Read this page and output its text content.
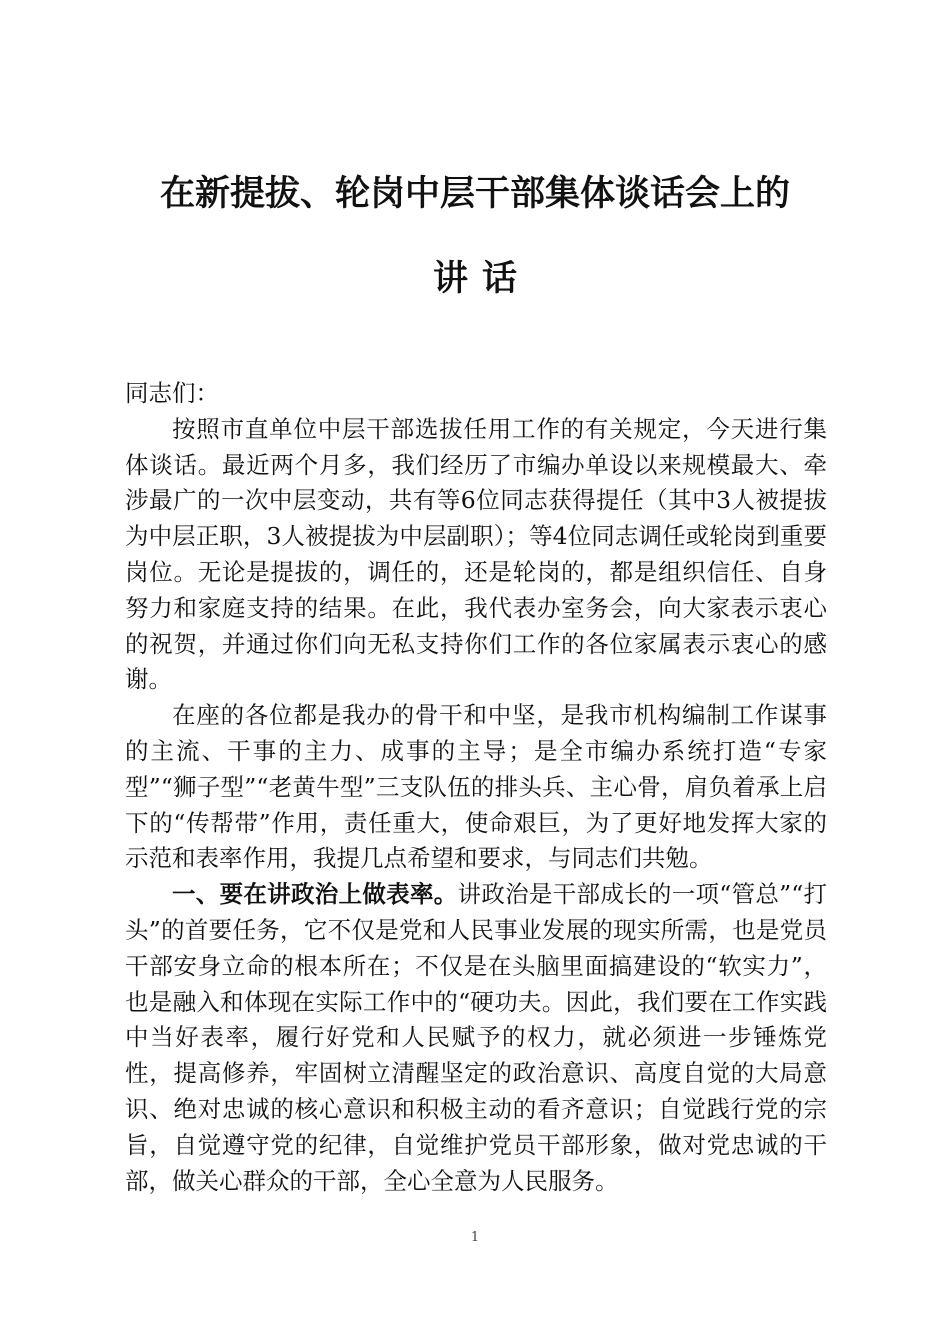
在新提拔、轮岗中层干部集体谈话会上的
讲话

同志们：

按照市直单位中层干部选拔任用工作的有关规定，今天进行集体谈话。最近两个月多，我们经历了市编办单设以来规模最大、牵涉最广的一次中层变动，共有等6位同志获得提任（其中3人被提拔为中层正职，3人被提拔为中层副职）；等4位同志调任或轮岗到重要岗位。无论是提拔的，调任的，还是轮岗的，都是组织信任、自身努力和家庭支持的结果。在此，我代表办室务会，向大家表示衷心的祝贺，并通过你们向无私支持你们工作的各位家属表示衷心的感谢。

在座的各位都是我办的骨干和中坚，是我市机构编制工作谋事的主流、干事的主力、成事的主导；是全市编办系统打造“专家型”“狮子型”“老黄牛型”三支队伍的排头兵、主心骨，肩负着承上启下的“传帮带”作用，责任重大，使命艰巨，为了更好地发挥大家的示范和表率作用，我提几点希望和要求，与同志们共勉。

一、要在讲政治上做表率。讲政治是干部成长的一项“管总”“打头”的首要任务，它不仅是党和人民事业发展的现实所需，也是党员干部安身立命的根本所在；不仅是在头脑里面搞建设的“软实力”，也是融入和体现在实际工作中的“硬功夫。因此，我们要在工作实践中当好表率，履行好党和人民赋予的权力，就必须进一步锤炼党性，提高修养，牢固树立清醒坚定的政治意识、高度自觉的大局意识、绝对忠诚的核心意识和积极主动的看齐意识；自觉践行党的宗旨，自觉遵守党的纪律，自觉维护党员干部形象，做对党忠诚的干部，做关心群众的干部，全心全意为人民服务。

1
